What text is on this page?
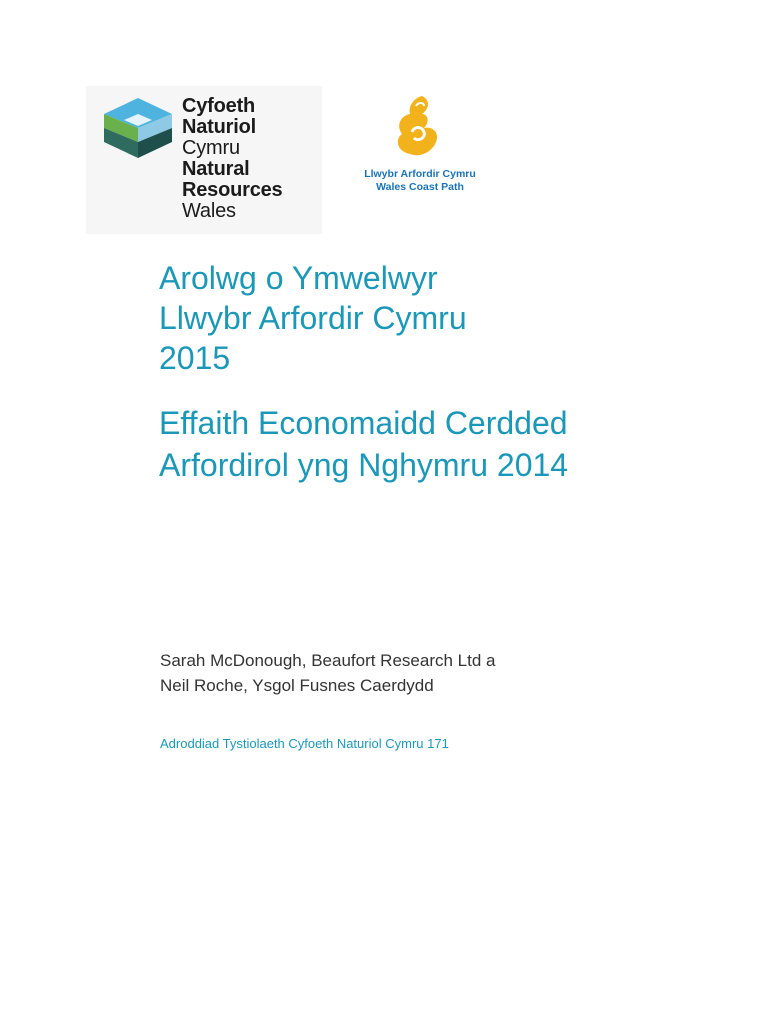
Cyfoeth
Naturiol
Cymru
Natural
Resources
Wales
Llwybr Arfordir Cymru
Wales Coast Path
Arolwg o Ymwelwyr
Llwybr Arfordir Cymru
2015
Effaith Economaidd Cerdded
Arfordirol yng Nghymru 2014
Sarah McDonough, Beaufort Research Ltd a
Neil Roche, Ysgol Fusnes Caerdydd
Adroddiad Tystiolaeth Cyfoeth Naturiol Cymru 171
